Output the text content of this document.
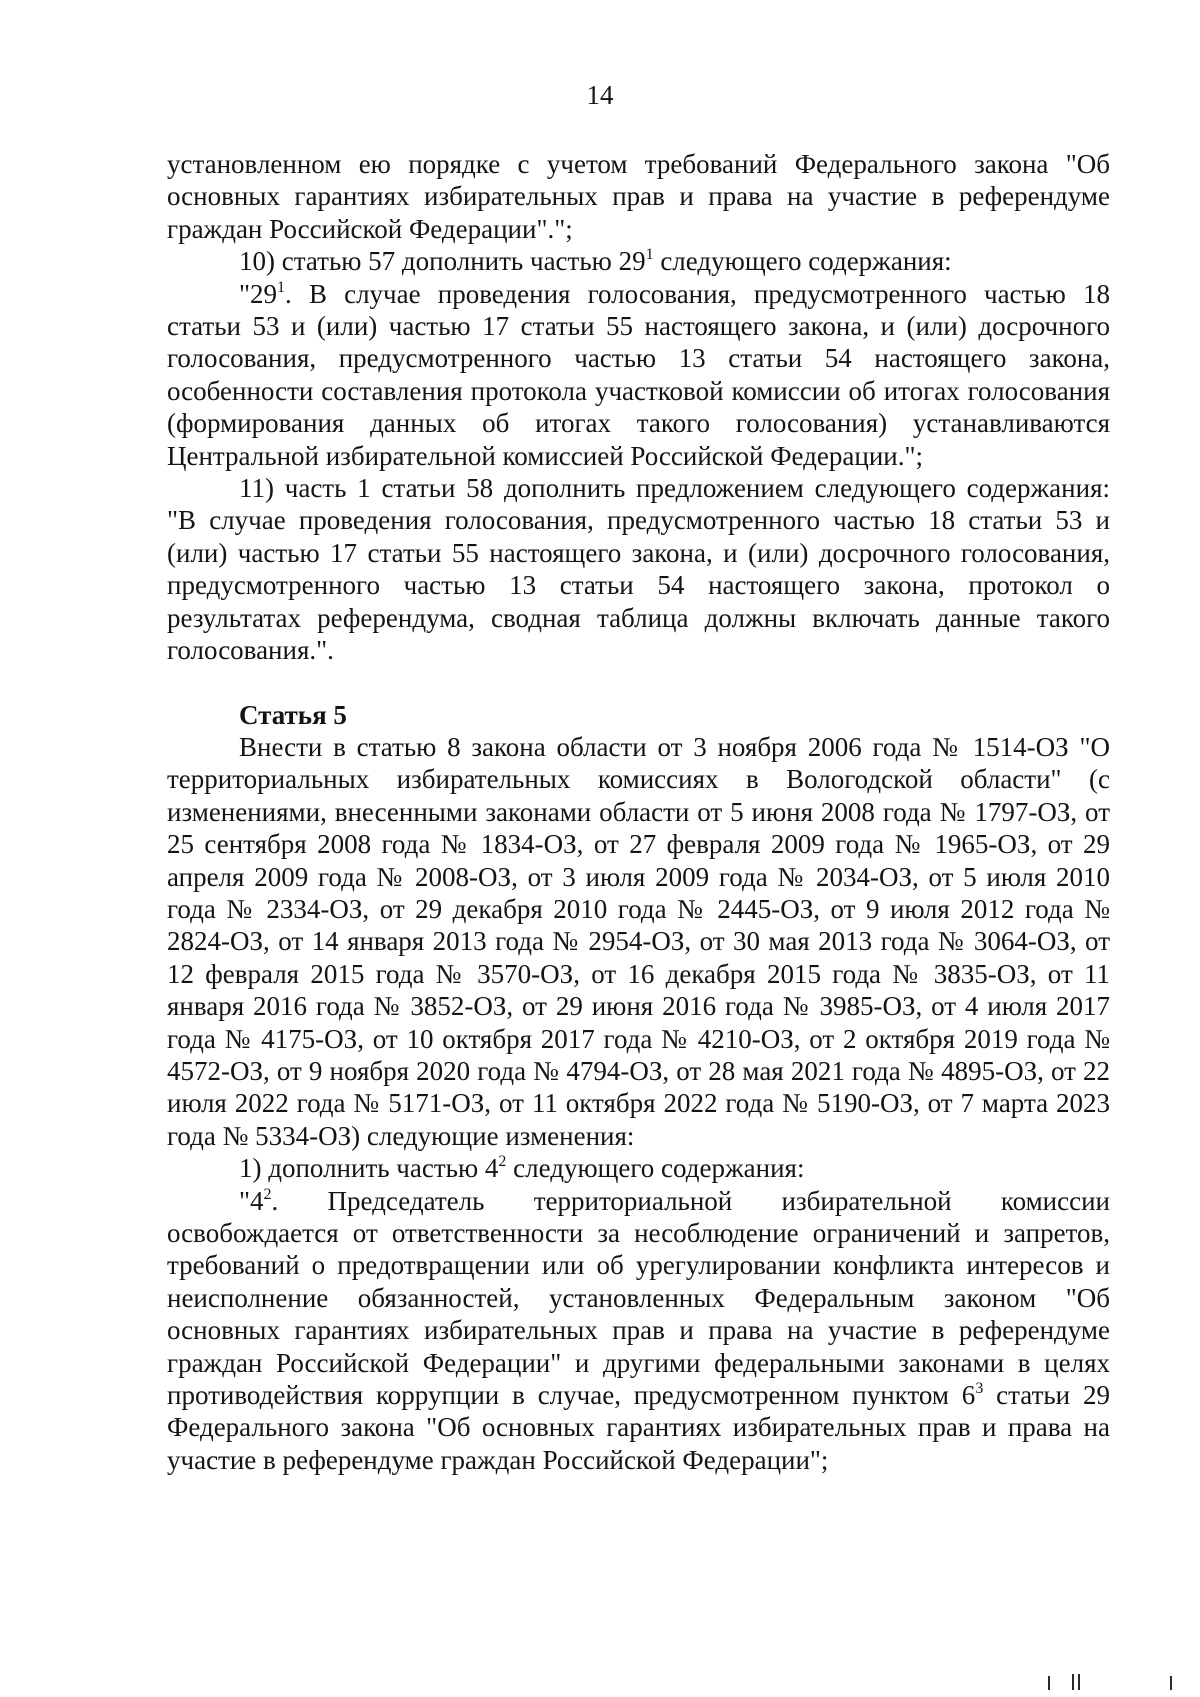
14

установленном ею порядке с учетом требований Федерального закона "Об основных гарантиях избирательных прав и права на участие в референдуме граждан Российской Федерации".";

10) статью 57 дополнить частью $29^1$ следующего содержания:

"$29^1$. В случае проведения голосования, предусмотренного частью 18 статьи 53 и (или) частью 17 статьи 55 настоящего закона, и (или) досрочного голосования, предусмотренного частью 13 статьи 54 настоящего закона, особенности составления протокола участковой комиссии об итогах голосования (формирования данных об итогах такого голосования) устанавливаются Центральной избирательной комиссией Российской Федерации.";

11) часть 1 статьи 58 дополнить предложением следующего содержания: "В случае проведения голосования, предусмотренного частью 18 статьи 53 и (или) частью 17 статьи 55 настоящего закона, и (или) досрочного голосования, предусмотренного частью 13 статьи 54 настоящего закона, протокол о результатах референдума, сводная таблица должны включать данные такого голосования.".

Статья 5

Внести в статью 8 закона области от 3 ноября 2006 года № 1514-ОЗ "О территориальных избирательных комиссиях в Вологодской области" (с изменениями, внесенными законами области от 5 июня 2008 года № 1797-ОЗ, от 25 сентября 2008 года № 1834-ОЗ, от 27 февраля 2009 года № 1965-ОЗ, от 29 апреля 2009 года № 2008-ОЗ, от 3 июля 2009 года № 2034-ОЗ, от 5 июля 2010 года № 2334-ОЗ, от 29 декабря 2010 года № 2445-ОЗ, от 9 июля 2012 года № 2824-ОЗ, от 14 января 2013 года № 2954-ОЗ, от 30 мая 2013 года № 3064-ОЗ, от 12 февраля 2015 года № 3570-ОЗ, от 16 декабря 2015 года № 3835-ОЗ, от 11 января 2016 года № 3852-ОЗ, от 29 июня 2016 года № 3985-ОЗ, от 4 июля 2017 года № 4175-ОЗ, от 10 октября 2017 года № 4210-ОЗ, от 2 октября 2019 года № 4572-ОЗ, от 9 ноября 2020 года № 4794-ОЗ, от 28 мая 2021 года № 4895-ОЗ, от 22 июля 2022 года № 5171-ОЗ, от 11 октября 2022 года № 5190-ОЗ, от 7 марта 2023 года № 5334-ОЗ) следующие изменения:

1) дополнить частью $4^2$ следующего содержания:

"$4^2$. Председатель территориальной избирательной комиссии освобождается от ответственности за несоблюдение ограничений и запретов, требований о предотвращении или об урегулировании конфликта интересов и неисполнение обязанностей, установленных Федеральным законом "Об основных гарантиях избирательных прав и права на участие в референдуме граждан Российской Федерации" и другими федеральными законами в целях противодействия коррупции в случае, предусмотренном пунктом $6^3$ статьи 29 Федерального закона "Об основных гарантиях избирательных прав и права на участие в референдуме граждан Российской Федерации";
